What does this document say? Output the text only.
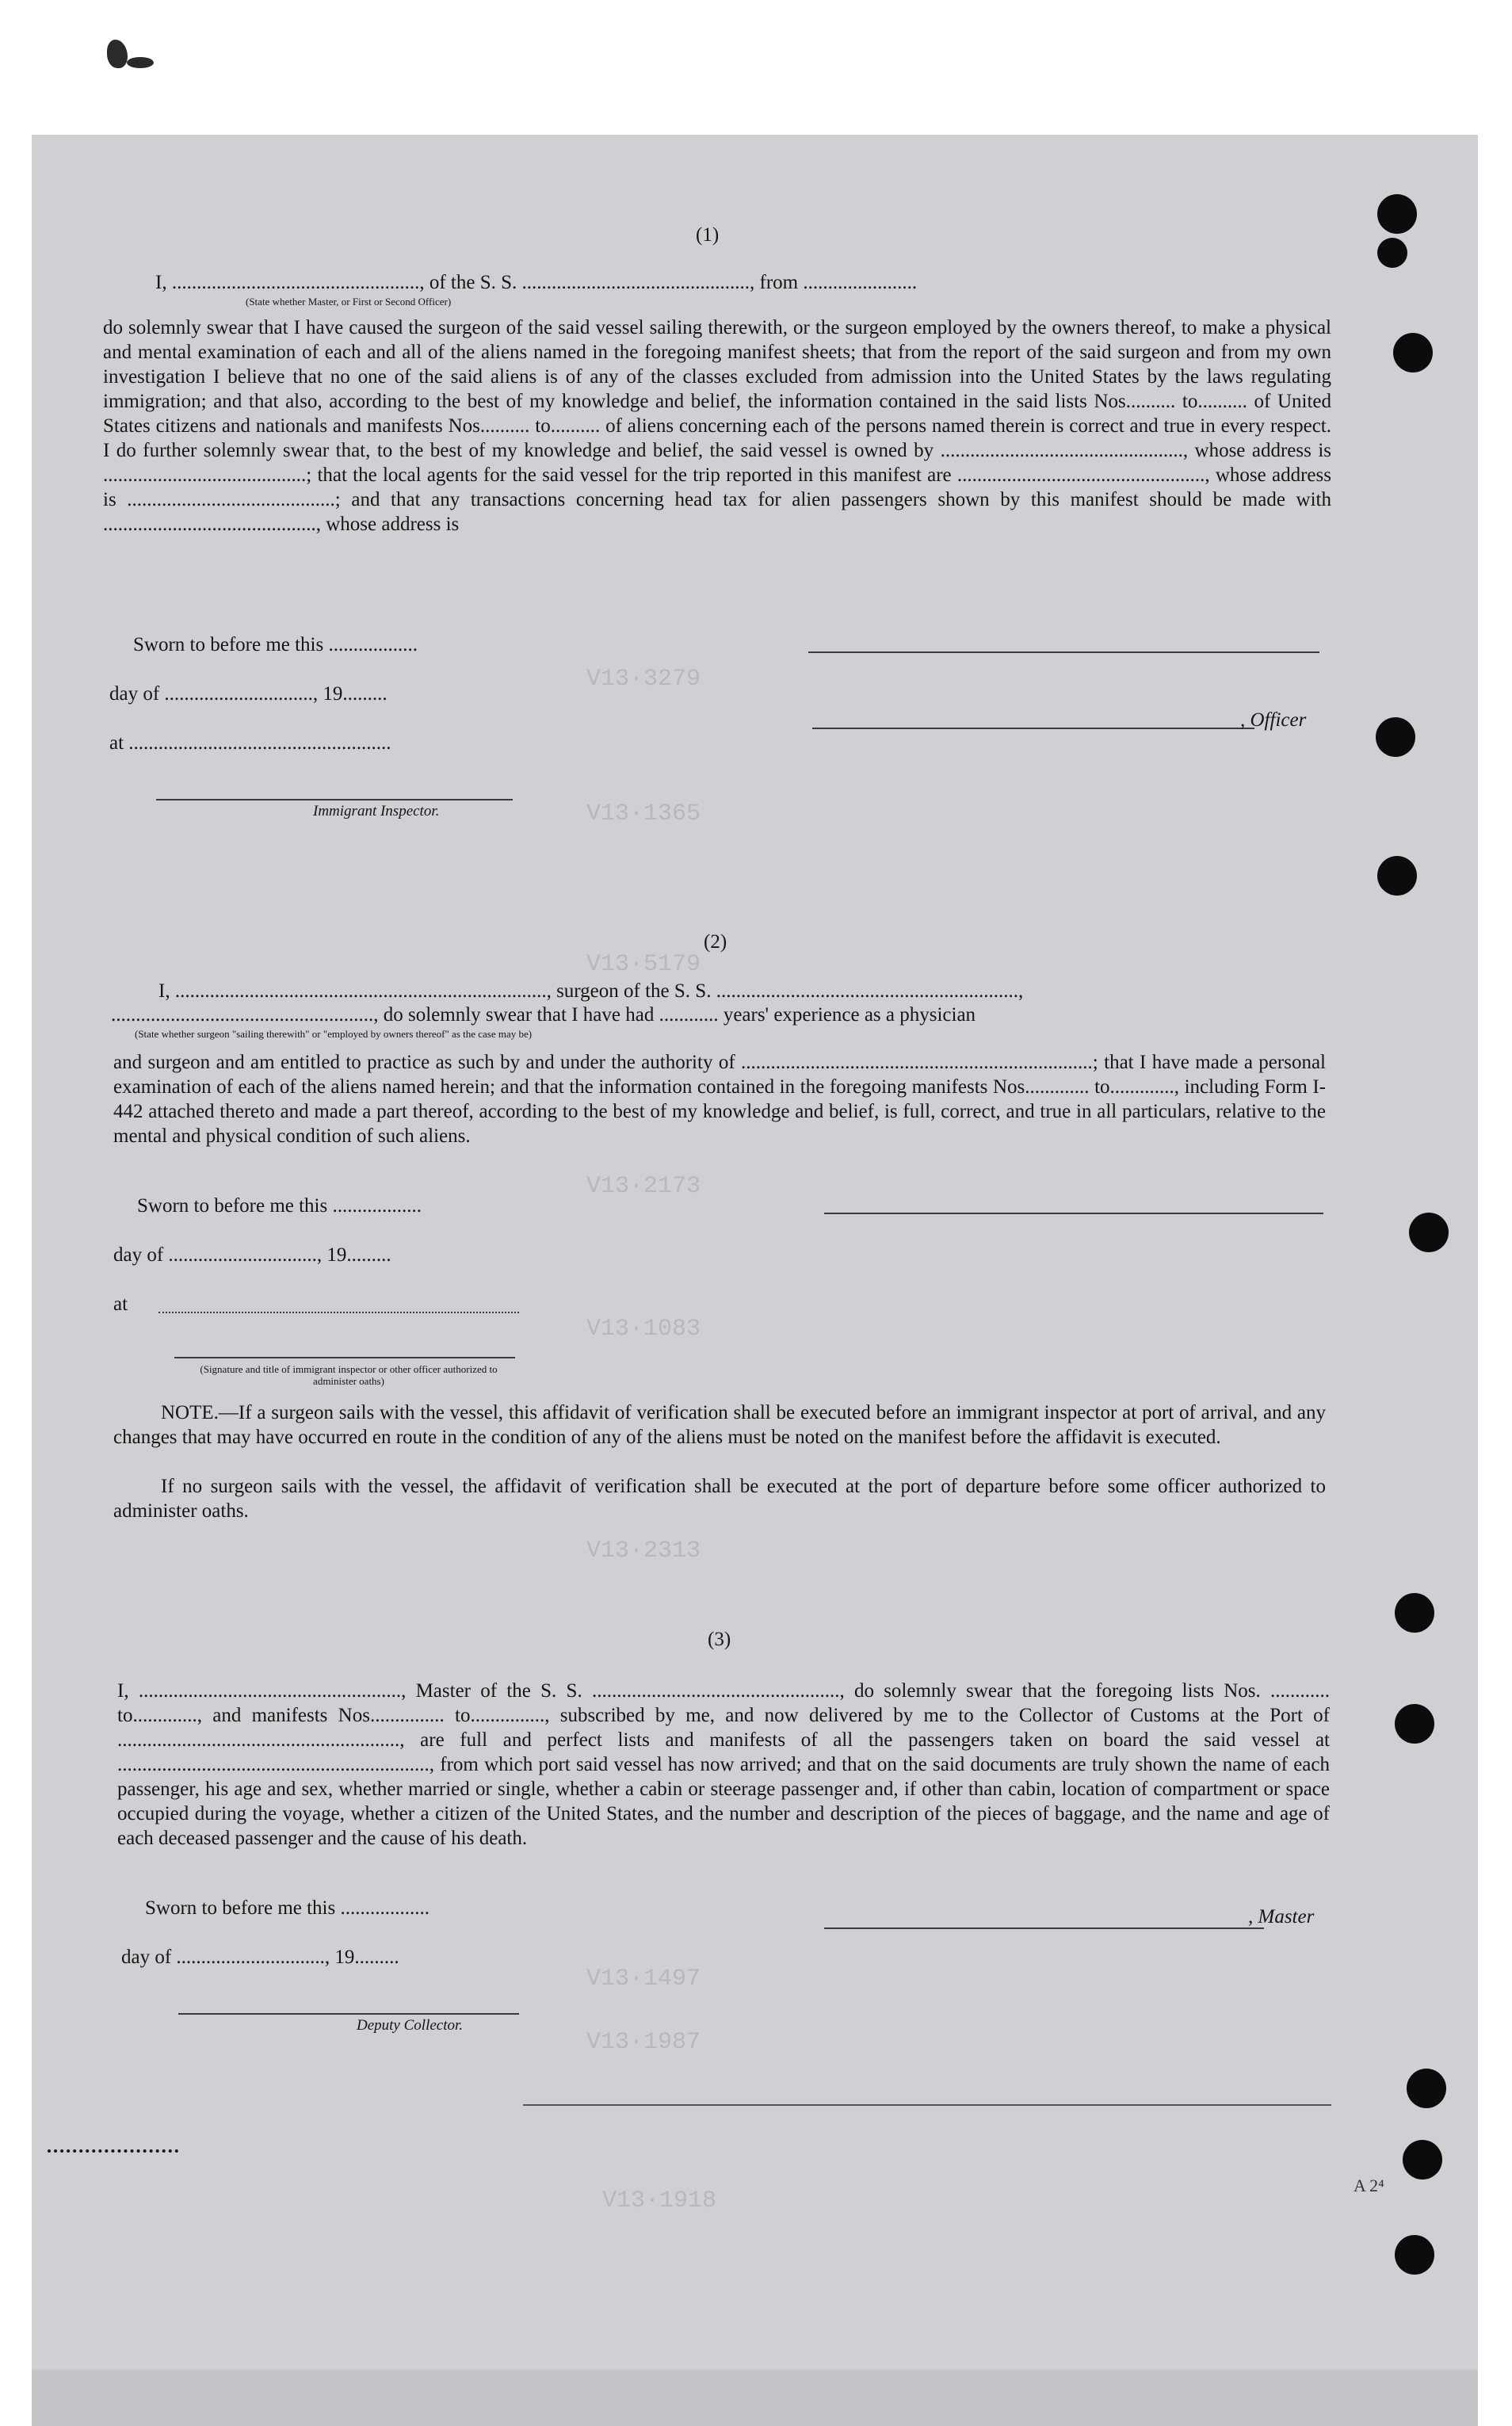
V13·3279
V13·1365
V13·5179
V13·2173
V13·1083
V13·2313
V13·1497
V13·1987
V13·1918
(1)
I, .................................................., of the S. S. .............................................., from .......................
(State whether Master, or First or Second Officer)
do solemnly swear that I have caused the surgeon of the said vessel sailing therewith, or the surgeon employed by the owners thereof, to make a physical and mental examination of each and all of the aliens named in the foregoing manifest sheets; that from the report of the said surgeon and from my own investigation I believe that no one of the said aliens is of any of the classes excluded from admission into the United States by the laws regulating immigration; and that also, according to the best of my knowledge and belief, the information contained in the said lists Nos.......... to.......... of United States citizens and nationals and manifests Nos.......... to.......... of aliens concerning each of the persons named therein is correct and true in every respect. I do further solemnly swear that, to the best of my knowledge and belief, the said vessel is owned by ................................................., whose address is .........................................; that the local agents for the said vessel for the trip reported in this manifest are .................................................., whose address is ..........................................; and that any transactions concerning head tax for alien passengers shown by this manifest should be made with ..........................................., whose address is
Sworn to before me this ..................
day of .............................., 19.........
, Officer
at .....................................................
Immigrant Inspector.
(2)
I, ..........................................................................., surgeon of the S. S. .............................................................,
....................................................., do solemnly swear that I have had ............ years' experience as a physician
(State whether surgeon "sailing therewith" or "employed by owners thereof" as the case may be)
and surgeon and am entitled to practice as such by and under the authority of .......................................................................; that I have made a personal examination of each of the aliens named herein; and that the information contained in the foregoing manifests Nos............. to............., including Form I-442 attached thereto and made a part thereof, according to the best of my knowledge and belief, is full, correct, and true in all particulars, relative to the mental and physical condition of such aliens.
Sworn to before me this ..................
day of .............................., 19.........
at
(Signature and title of immigrant inspector or other officer authorized to administer oaths)
NOTE.—If a surgeon sails with the vessel, this affidavit of verification shall be executed before an immigrant inspector at port of arrival, and any changes that may have occurred en route in the condition of any of the aliens must be noted on the manifest before the affidavit is executed.
If no surgeon sails with the vessel, the affidavit of verification shall be executed at the port of departure before some officer authorized to administer oaths.
(3)
I, ....................................................., Master of the S. S. .................................................., do solemnly swear that the foregoing lists Nos. ............ to............., and manifests Nos............... to..............., subscribed by me, and now delivered by me to the Collector of Customs at the Port of ........................................................., are full and perfect lists and manifests of all the passengers taken on board the said vessel at ..............................................................., from which port said vessel has now arrived; and that on the said documents are truly shown the name of each passenger, his age and sex, whether married or single, whether a cabin or steerage passenger and, if other than cabin, location of compartment or space occupied during the voyage, whether a citizen of the United States, and the number and description of the pieces of baggage, and the name and age of each deceased passenger and the cause of his death.
Sworn to before me this ..................	, Master
day of .............................., 19.........
Deputy Collector.
A 2⁴
